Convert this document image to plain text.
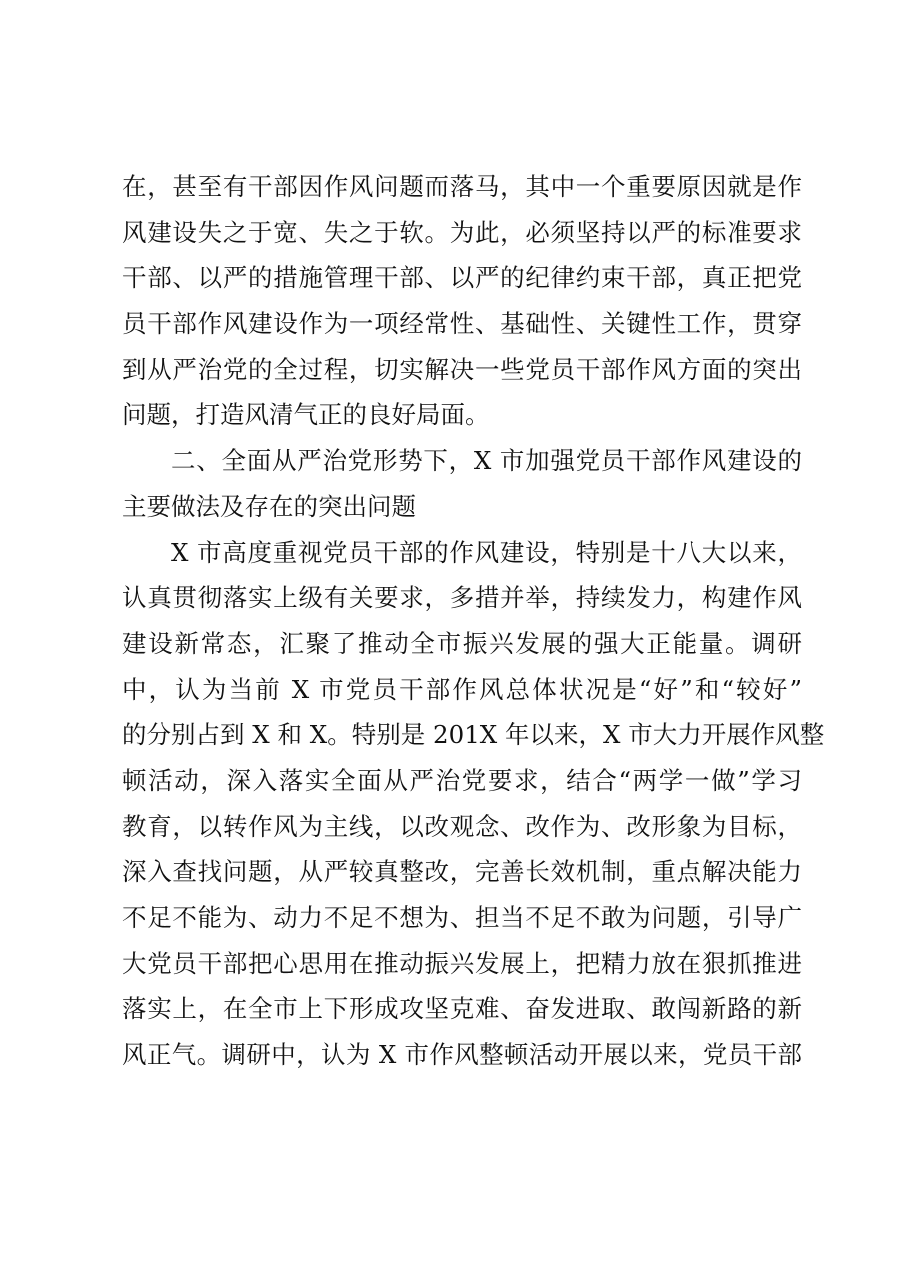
在，甚至有干部因作风问题而落马，其中一个重要原因就是作
风建设失之于宽、失之于软。为此，必须坚持以严的标准要求
干部、以严的措施管理干部、以严的纪律约束干部，真正把党
员干部作风建设作为一项经常性、基础性、关键性工作，贯穿
到从严治党的全过程，切实解决一些党员干部作风方面的突出
问题，打造风清气正的良好局面。
二、全面从严治党形势下，X 市加强党员干部作风建设的
主要做法及存在的突出问题
X 市高度重视党员干部的作风建设，特别是十八大以来，
认真贯彻落实上级有关要求，多措并举，持续发力，构建作风
建设新常态，汇聚了推动全市振兴发展的强大正能量。调研
中，认为当前 X 市党员干部作风总体状况是“好”和“较好”
的分别占到 X 和 X。特别是 201X 年以来，X 市大力开展作风整
顿活动，深入落实全面从严治党要求，结合“两学一做”学习
教育，以转作风为主线，以改观念、改作为、改形象为目标，
深入查找问题，从严较真整改，完善长效机制，重点解决能力
不足不能为、动力不足不想为、担当不足不敢为问题，引导广
大党员干部把心思用在推动振兴发展上，把精力放在狠抓推进
落实上，在全市上下形成攻坚克难、奋发进取、敢闯新路的新
风正气。调研中，认为 X 市作风整顿活动开展以来，党员干部
